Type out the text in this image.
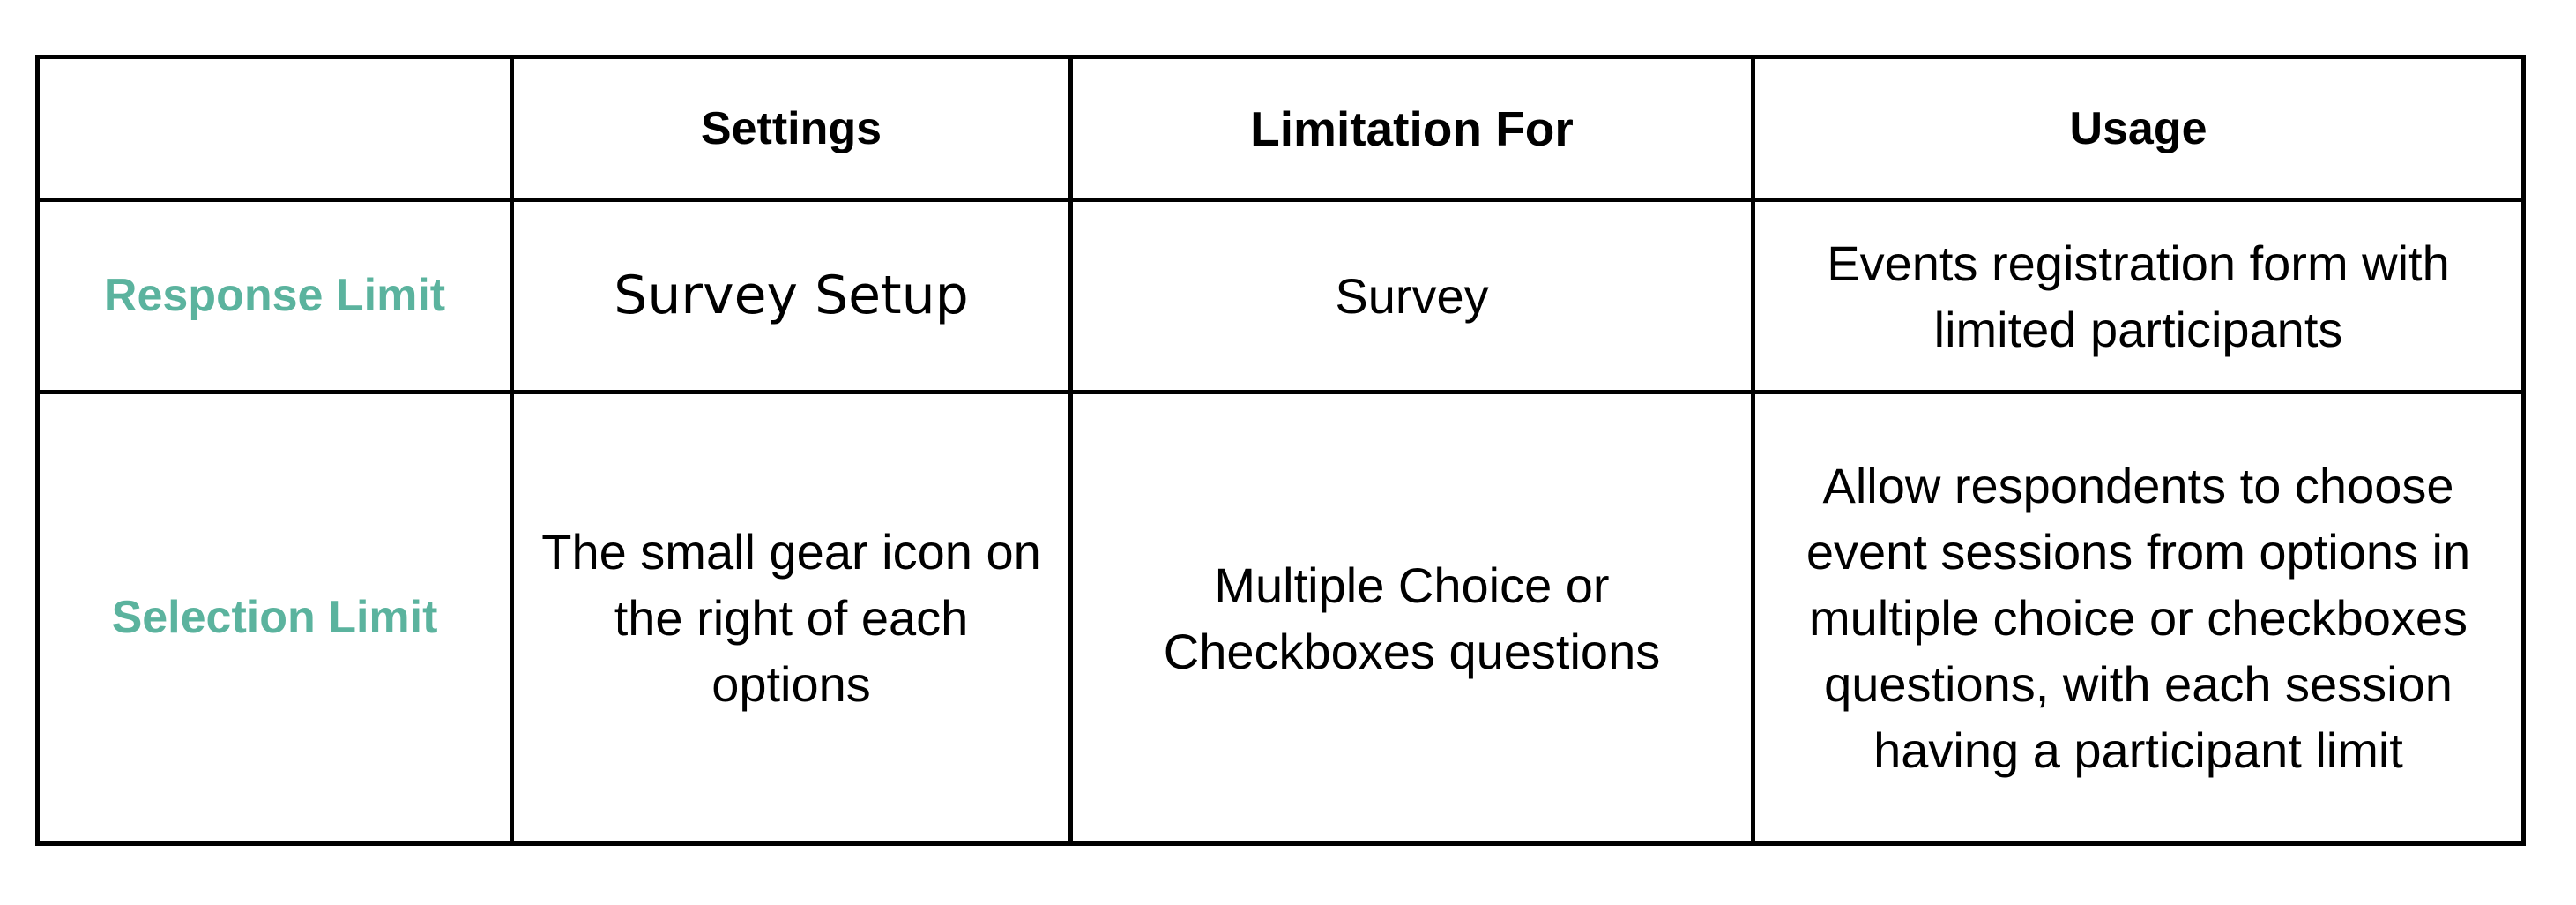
	Settings	Limitation For	Usage
Response Limit	Survey Setup	Survey	Events registration form with limited participants
Selection Limit	The small gear icon on the right of each options	Multiple Choice or Checkboxes questions	Allow respondents to choose event sessions from options in multiple choice or checkboxes questions, with each session having a participant limit
